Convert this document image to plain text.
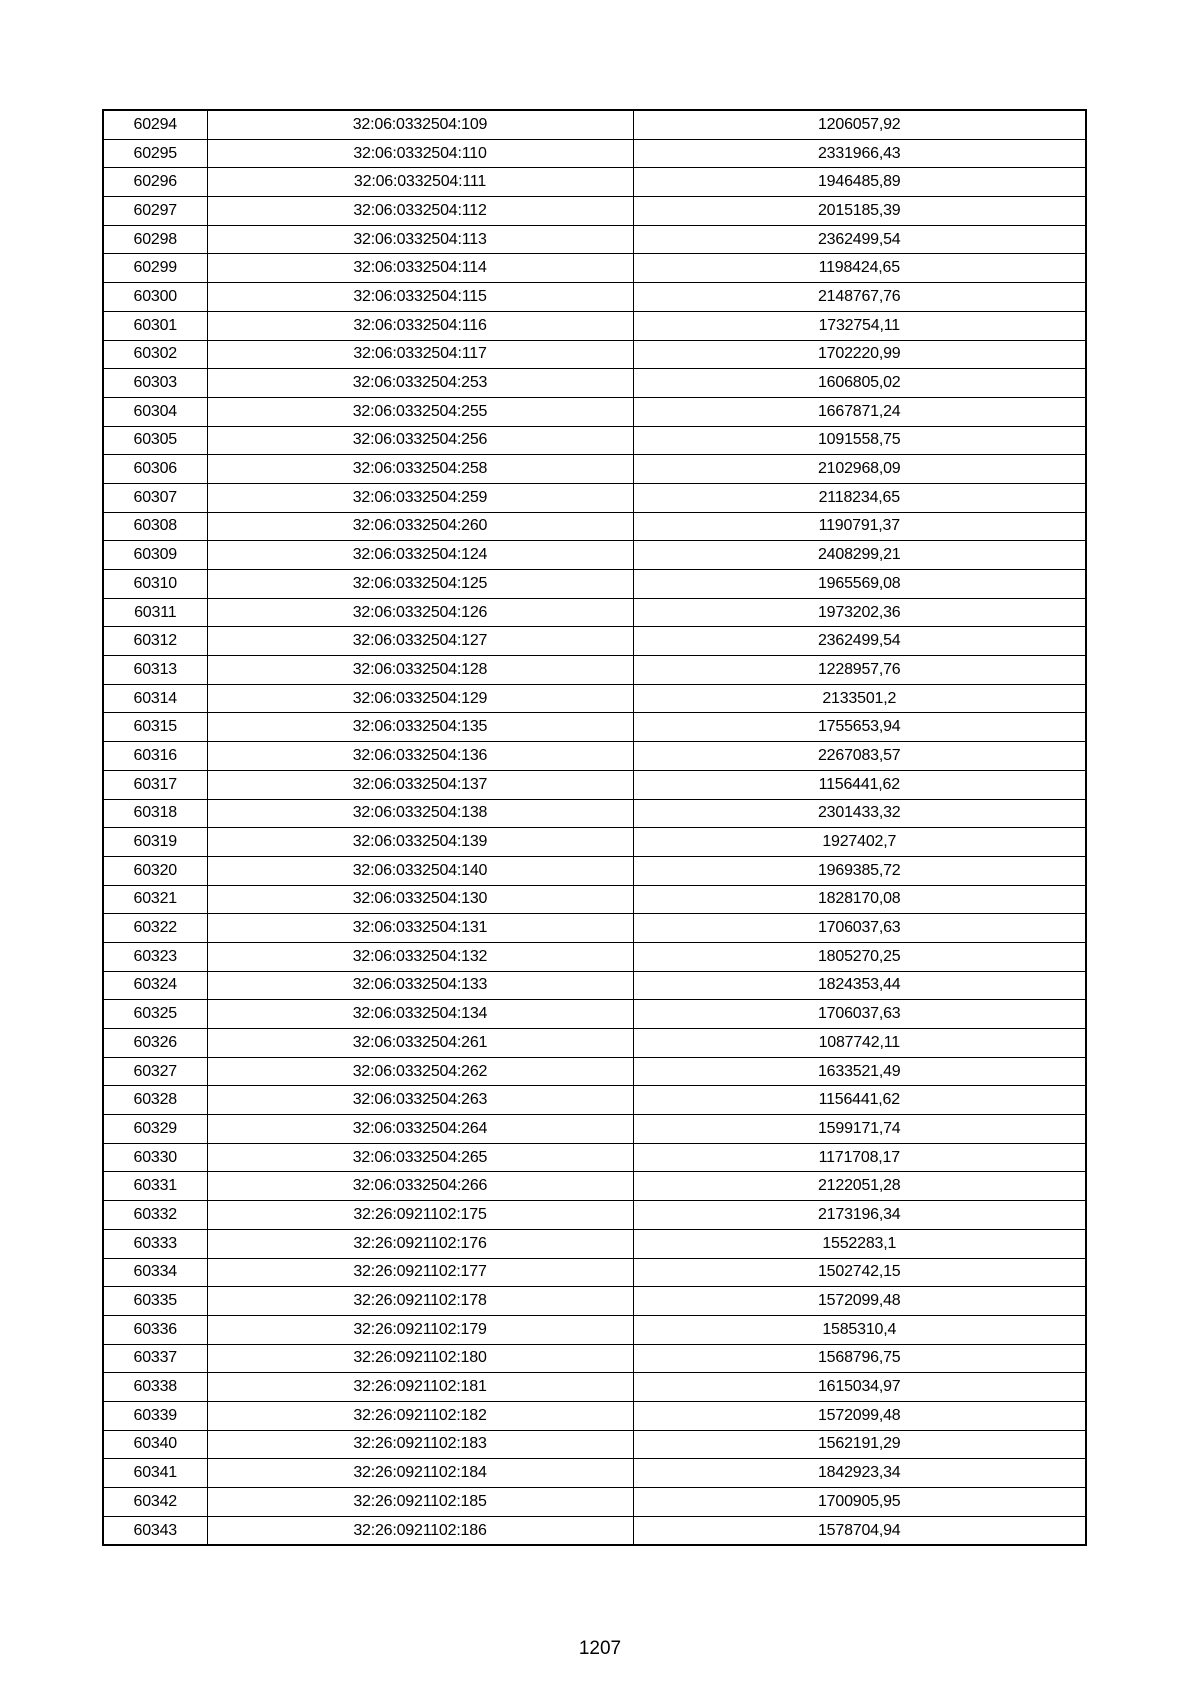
60294	32:06:0332504:109	1206057,92
60295	32:06:0332504:110	2331966,43
60296	32:06:0332504:111	1946485,89
60297	32:06:0332504:112	2015185,39
60298	32:06:0332504:113	2362499,54
60299	32:06:0332504:114	1198424,65
60300	32:06:0332504:115	2148767,76
60301	32:06:0332504:116	1732754,11
60302	32:06:0332504:117	1702220,99
60303	32:06:0332504:253	1606805,02
60304	32:06:0332504:255	1667871,24
60305	32:06:0332504:256	1091558,75
60306	32:06:0332504:258	2102968,09
60307	32:06:0332504:259	2118234,65
60308	32:06:0332504:260	1190791,37
60309	32:06:0332504:124	2408299,21
60310	32:06:0332504:125	1965569,08
60311	32:06:0332504:126	1973202,36
60312	32:06:0332504:127	2362499,54
60313	32:06:0332504:128	1228957,76
60314	32:06:0332504:129	2133501,2
60315	32:06:0332504:135	1755653,94
60316	32:06:0332504:136	2267083,57
60317	32:06:0332504:137	1156441,62
60318	32:06:0332504:138	2301433,32
60319	32:06:0332504:139	1927402,7
60320	32:06:0332504:140	1969385,72
60321	32:06:0332504:130	1828170,08
60322	32:06:0332504:131	1706037,63
60323	32:06:0332504:132	1805270,25
60324	32:06:0332504:133	1824353,44
60325	32:06:0332504:134	1706037,63
60326	32:06:0332504:261	1087742,11
60327	32:06:0332504:262	1633521,49
60328	32:06:0332504:263	1156441,62
60329	32:06:0332504:264	1599171,74
60330	32:06:0332504:265	1171708,17
60331	32:06:0332504:266	2122051,28
60332	32:26:0921102:175	2173196,34
60333	32:26:0921102:176	1552283,1
60334	32:26:0921102:177	1502742,15
60335	32:26:0921102:178	1572099,48
60336	32:26:0921102:179	1585310,4
60337	32:26:0921102:180	1568796,75
60338	32:26:0921102:181	1615034,97
60339	32:26:0921102:182	1572099,48
60340	32:26:0921102:183	1562191,29
60341	32:26:0921102:184	1842923,34
60342	32:26:0921102:185	1700905,95
60343	32:26:0921102:186	1578704,94
1207
